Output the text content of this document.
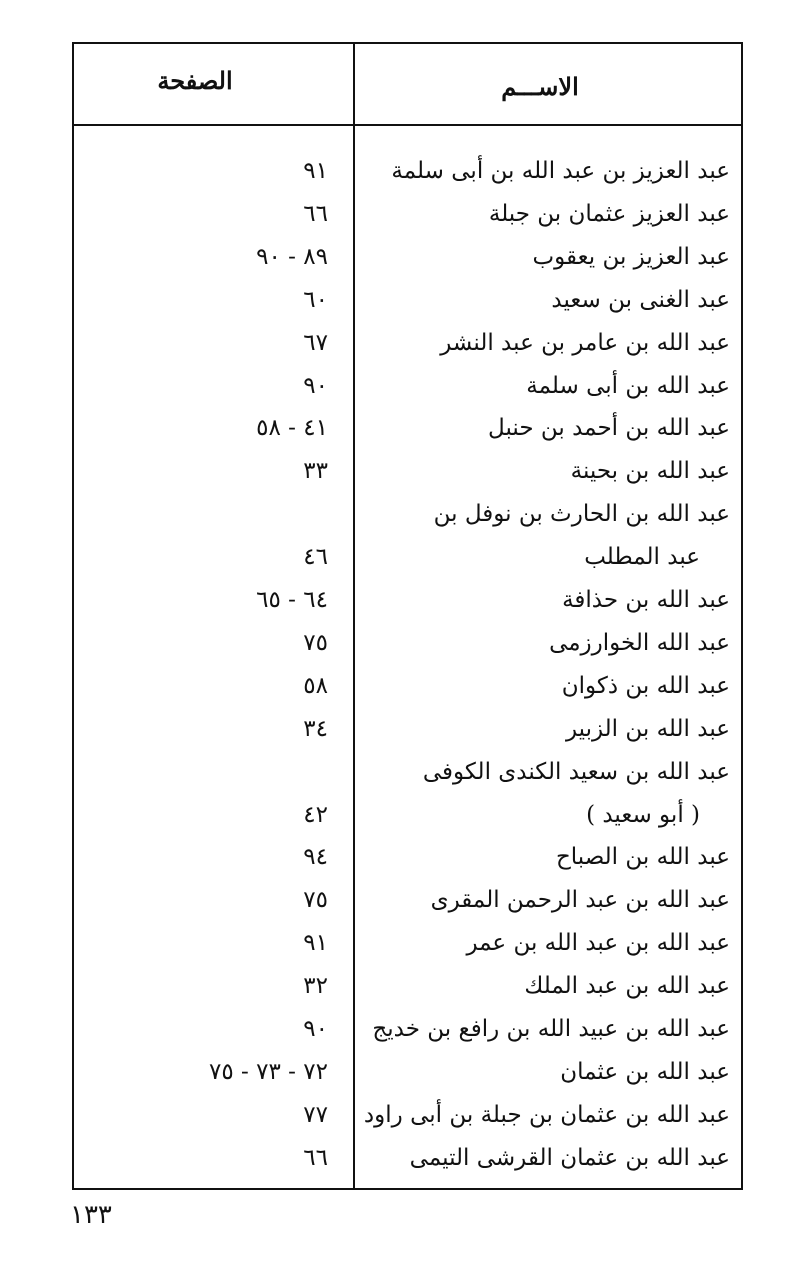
الصفحة	الاســـم
عبد العزيز بن عبد الله بن أبى سلمة
٩١
عبد العزيز عثمان بن جبلة
٦٦
عبد العزيز بن يعقوب
٨٩ - ٩٠
عبد الغنى بن سعيد
٦٠
عبد الله بن عامر بن عبد النشر
٦٧
عبد الله بن أبى سلمة
٩٠
عبد الله بن أحمد بن حنبل
٤١ - ٥٨
عبد الله بن بحينة
٣٣
عبد الله بن الحارث بن نوفل بن
عبد المطلب
٤٦
عبد الله بن حذافة
٦٤ - ٦٥
عبد الله الخوارزمى
٧٥
عبد الله بن ذكوان
٥٨
عبد الله بن الزبير
٣٤
عبد الله بن سعيد الكندى الكوفى
( أبو سعيد )
٤٢
عبد الله بن الصباح
٩٤
عبد الله بن عبد الرحمن المقرى
٧٥
عبد الله بن عبد الله بن عمر
٩١
عبد الله بن عبد الملك
٣٢
عبد الله بن عبيد الله بن رافع بن خديج
٩٠
عبد الله بن عثمان
٧٢ - ٧٣ - ٧٥
عبد الله بن عثمان بن جبلة بن أبى راود
٧٧
عبد الله بن عثمان القرشى التيمى
٦٦
١٣٣
